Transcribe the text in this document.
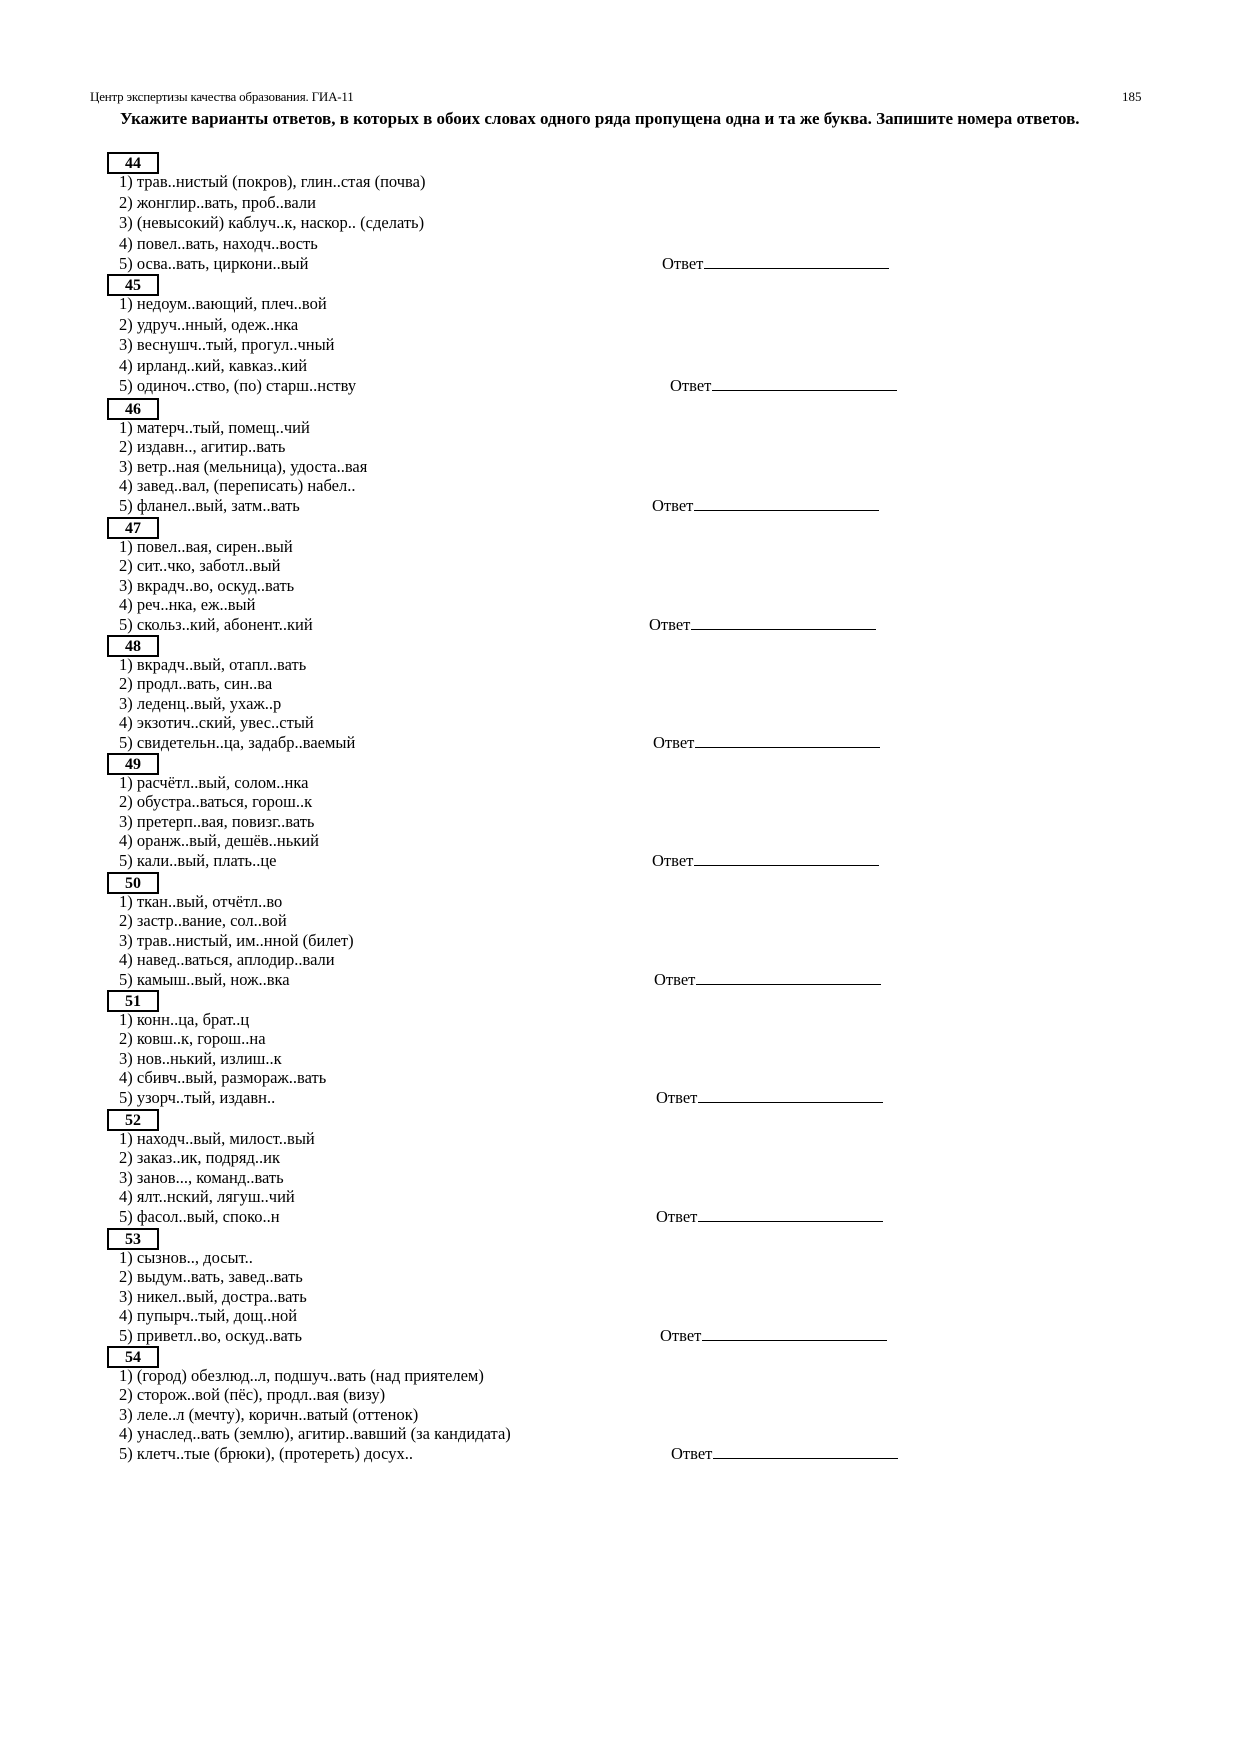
Центр экспертизы качества образования. ГИА-11	185
Укажите варианты ответов, в которых в обоих словах одного ряда пропущена одна и та же буква. Запишите номера ответов.
44
1) трав..нистый (покров), глин..стая (почва)
2) жонглир..вать, проб..вали
3) (невысокий) каблуч..к, наскор.. (сделать)
4) повел..вать, находч..вость
5) осва..вать, циркони..вый	Ответ
45
1) недоум..вающий, плеч..вой
2) удруч..нный, одеж..нка
3) веснушч..тый, прогул..чный
4) ирланд..кий, кавказ..кий
5) одиноч..ство, (по) старш..нству	Ответ
46
1) матерч..тый, помещ..чий
2) издавн.., агитир..вать
3) ветр..ная (мельница), удоста..вая
4) завед..вал, (переписать) набел..
5) фланел..вый, затм..вать	Ответ
47
1) повел..вая, сирен..вый
2) сит..чко, заботл..вый
3) вкрадч..во, оскуд..вать
4) реч..нка, еж..вый
5) скольз..кий, абонент..кий	Ответ
48
1) вкрадч..вый, отапл..вать
2) продл..вать, син..ва
3) леденц..вый, ухаж..р
4) экзотич..ский, увес..стый
5) свидетельн..ца, задабр..ваемый	Ответ
49
1) расчётл..вый, солом..нка
2) обустра..ваться, горош..к
3) претерп..вая, повизг..вать
4) оранж..вый, дешёв..нький
5) кали..вый, плать..це	Ответ
50
1) ткан..вый, отчётл..во
2) застр..вание, сол..вой
3) трав..нистый, им..нной (билет)
4) навед..ваться, аплодир..вали
5) камыш..вый, нож..вка	Ответ
51
1) конн..ца, брат..ц
2) ковш..к, горош..на
3) нов..нький, излиш..к
4) сбивч..вый, размораж..вать
5) узорч..тый, издавн..	Ответ
52
1) находч..вый, милост..вый
2) заказ..ик, подряд..ик
3) занов..., команд..вать
4) ялт..нский, лягуш..чий
5) фасол..вый, споко..н	Ответ
53
1) сызнов.., досыт..
2) выдум..вать, завед..вать
3) никел..вый, достра..вать
4) пупырч..тый, дощ..ной
5) приветл..во, оскуд..вать	Ответ
54
1) (город) обезлюд..л, подшуч..вать (над приятелем)
2) сторож..вой (пёс), продл..вая (визу)
3) леле..л (мечту), коричн..ватый (оттенок)
4) унаслед..вать (землю), агитир..вавший (за кандидата)
5) клетч..тые (брюки), (протереть) досух..	Ответ
